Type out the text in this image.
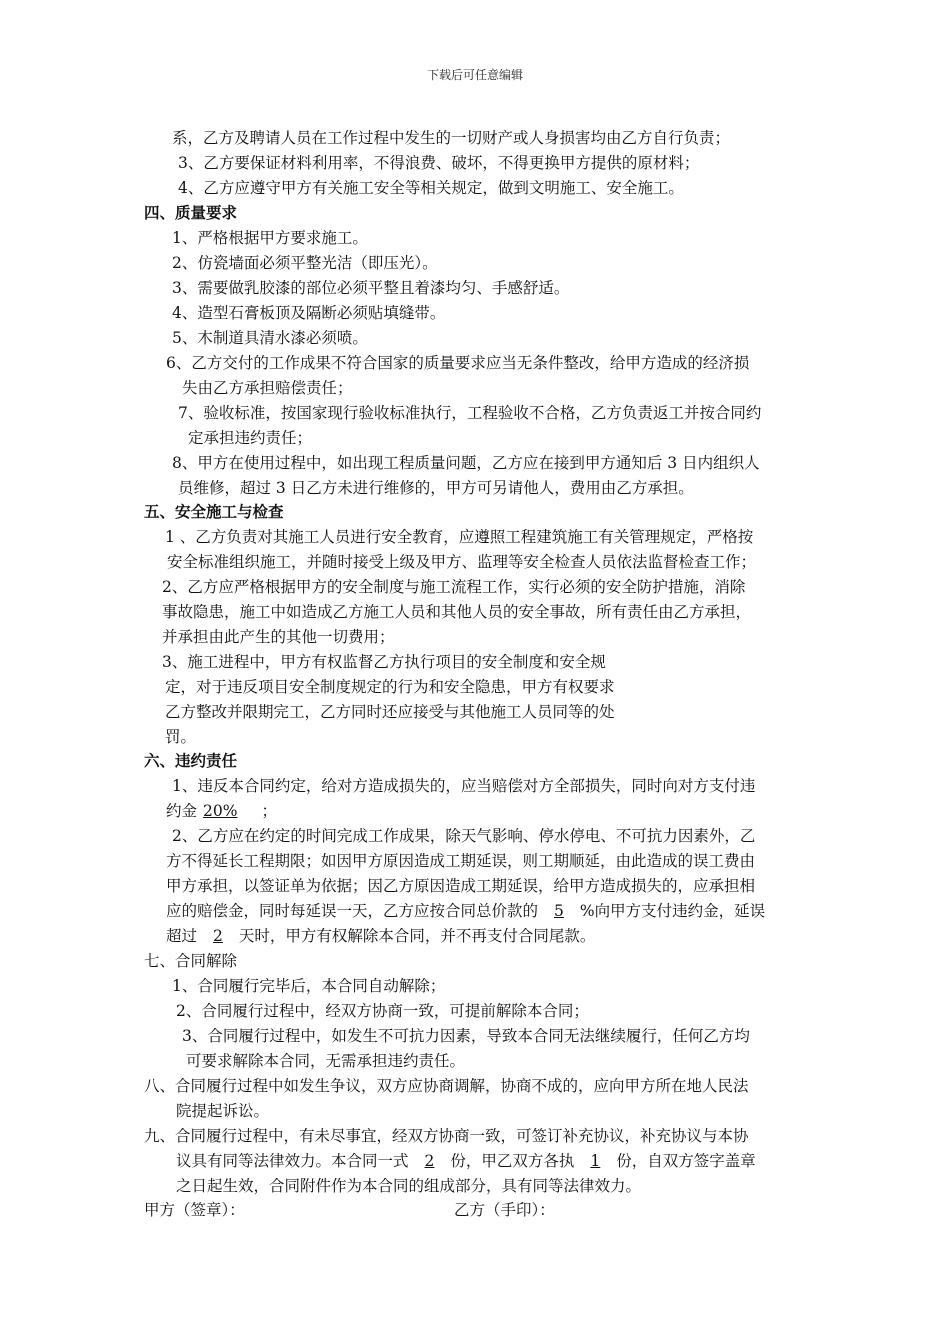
下载后可任意编辑
系，乙方及聘请人员在工作过程中发生的一切财产或人身损害均由乙方自行负责；
3、乙方要保证材料利用率，不得浪费、破坏，不得更换甲方提供的原材料；
4、乙方应遵守甲方有关施工安全等相关规定，做到文明施工、安全施工。
四、质量要求
1、严格根据甲方要求施工。
2、仿瓷墙面必须平整光洁（即压光）。
3、需要做乳胶漆的部位必须平整且着漆均匀、手感舒适。
4、造型石膏板顶及隔断必须贴填缝带。
5、木制道具清水漆必须喷。
6、乙方交付的工作成果不符合国家的质量要求应当无条件整改，给甲方造成的经济损
失由乙方承担赔偿责任；
7、验收标准，按国家现行验收标准执行，工程验收不合格，乙方负责返工并按合同约
定承担违约责任；
8、甲方在使用过程中，如出现工程质量问题，乙方应在接到甲方通知后 3 日内组织人
员维修，超过 3 日乙方未进行维修的，甲方可另请他人，费用由乙方承担。
五、安全施工与检查
1 、乙方负责对其施工人员进行安全教育，应遵照工程建筑施工有关管理规定，严格按
安全标准组织施工，并随时接受上级及甲方、监理等安全检查人员依法监督检查工作；
2、乙方应严格根据甲方的安全制度与施工流程工作，实行必须的安全防护措施，消除
事故隐患，施工中如造成乙方施工人员和其他人员的安全事故，所有责任由乙方承担，
并承担由此产生的其他一切费用；
3、施工进程中，甲方有权监督乙方执行项目的安全制度和安全规
定，对于违反项目安全制度规定的行为和安全隐患，甲方有权要求
乙方整改并限期完工，乙方同时还应接受与其他施工人员同等的处
罚。
六、违约责任
1、违反本合同约定，给对方造成损失的，应当赔偿对方全部损失，同时向对方支付违
约金 20% ；
2、乙方应在约定的时间完成工作成果，除天气影响、停水停电、不可抗力因素外，乙
方不得延长工程期限；如因甲方原因造成工期延误，则工期顺延，由此造成的误工费由
甲方承担，以签证单为依据；因乙方原因造成工期延误，给甲方造成损失的，应承担相
应的赔偿金，同时每延误一天，乙方应按合同总价款的 5 %向甲方支付违约金，延误
超过 2 天时，甲方有权解除本合同，并不再支付合同尾款。
七、合同解除
1、合同履行完毕后，本合同自动解除；
2、合同履行过程中，经双方协商一致，可提前解除本合同；
3、合同履行过程中，如发生不可抗力因素，导致本合同无法继续履行，任何乙方均
可要求解除本合同，无需承担违约责任。
八、合同履行过程中如发生争议，双方应协商调解，协商不成的，应向甲方所在地人民法
院提起诉讼。
九、合同履行过程中，有未尽事宜，经双方协商一致，可签订补充协议，补充协议与本协
议具有同等法律效力。本合同一式 2 份，甲乙双方各执 1 份，自双方签字盖章
之日起生效，合同附件作为本合同的组成部分，具有同等法律效力。
甲方（签章）：	乙方（手印）：
